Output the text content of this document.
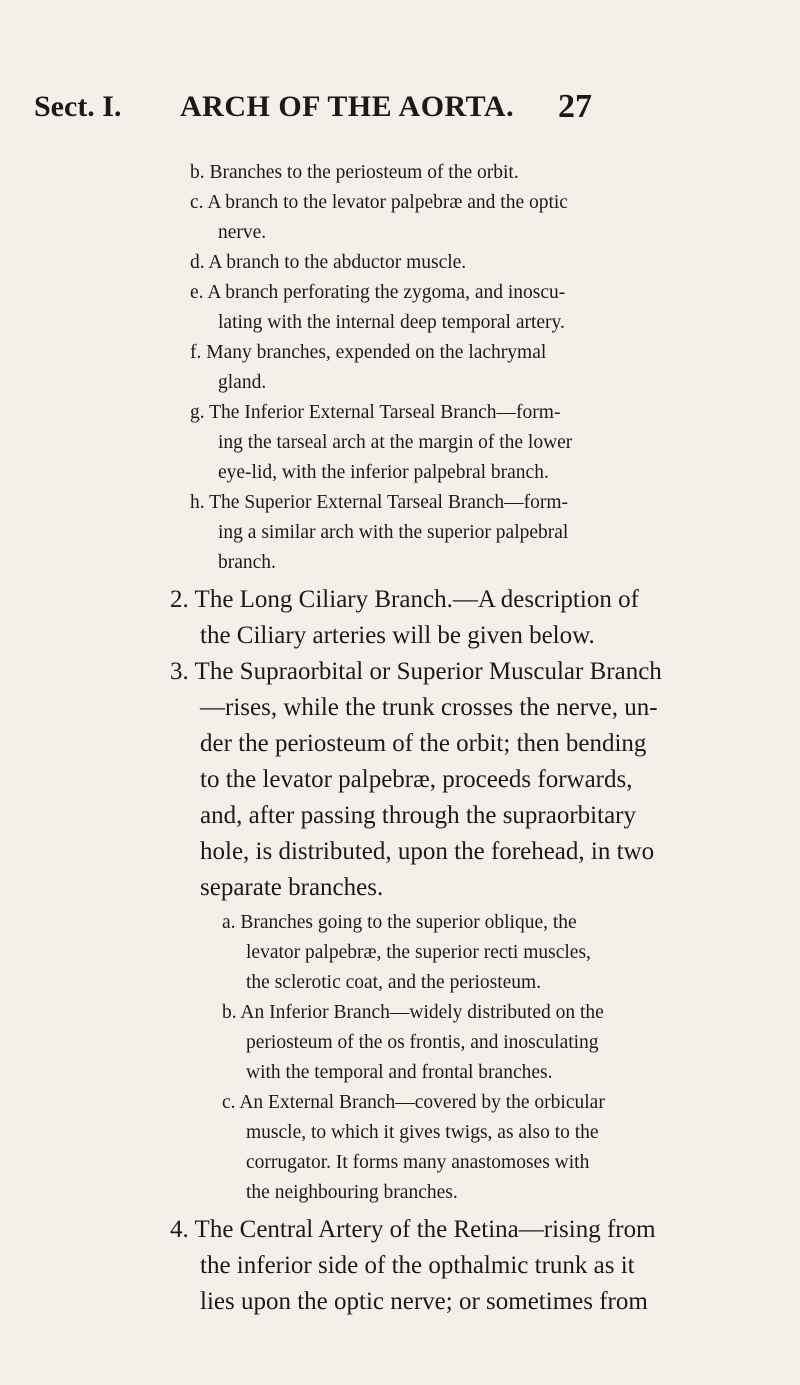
Sect. I. ARCH OF THE AORTA. 27
b. Branches to the periosteum of the orbit.
c. A branch to the levator palpebræ and the optic
nerve.
d. A branch to the abductor muscle.
e. A branch perforating the zygoma, and inoscu-
lating with the internal deep temporal artery.
f. Many branches, expended on the lachrymal
gland.
g. The Inferior External Tarseal Branch—form-
ing the tarseal arch at the margin of the lower
eye-lid, with the inferior palpebral branch.
h. The Superior External Tarseal Branch—form-
ing a similar arch with the superior palpebral
branch.
2. The Long Ciliary Branch.—A description of
the Ciliary arteries will be given below.
3. The Supraorbital or Superior Muscular Branch
—rises, while the trunk crosses the nerve, un-
der the periosteum of the orbit; then bending
to the levator palpebræ, proceeds forwards,
and, after passing through the supraorbitary
hole, is distributed, upon the forehead, in two
separate branches.
a. Branches going to the superior oblique, the
levator palpebræ, the superior recti muscles,
the sclerotic coat, and the periosteum.
b. An Inferior Branch—widely distributed on the
periosteum of the os frontis, and inosculating
with the temporal and frontal branches.
c. An External Branch—covered by the orbicular
muscle, to which it gives twigs, as also to the
corrugator. It forms many anastomoses with
the neighbouring branches.
4. The Central Artery of the Retina—rising from
the inferior side of the opthalmic trunk as it
lies upon the optic nerve; or sometimes from
